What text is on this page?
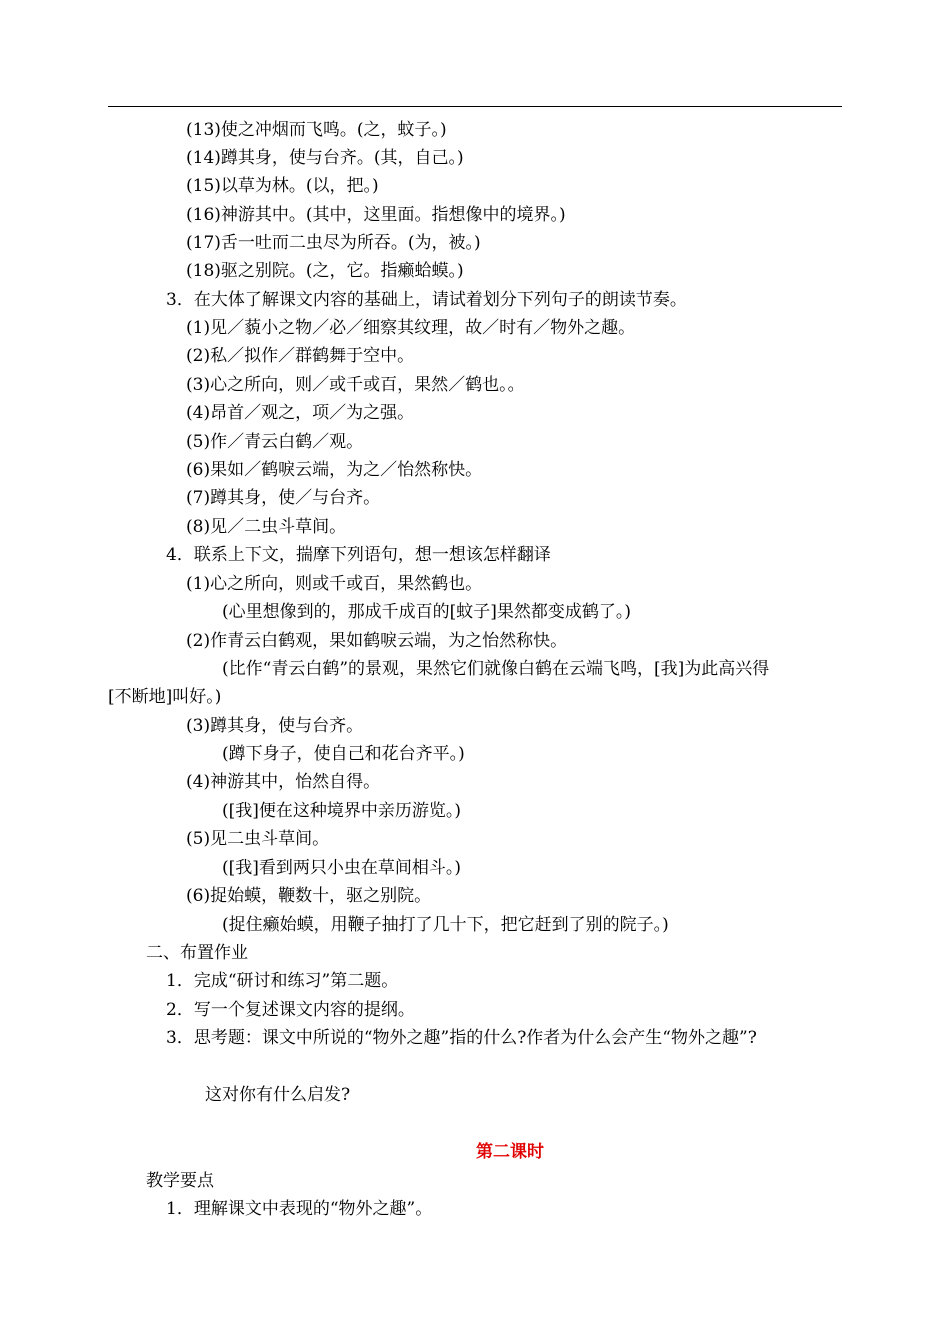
(13)使之冲烟而飞鸣。(之，蚊子。)
(14)蹲其身，使与台齐。(其，自己。)
(15)以草为林。(以，把。)
(16)神游其中。(其中，这里面。指想像中的境界。)
(17)舌一吐而二虫尽为所吞。(为，被。)
(18)驱之别院。(之，它。指癞蛤蟆。)
3．在大体了解课文内容的基础上，请试着划分下列句子的朗读节奏。
(1)见／藐小之物／必／细察其纹理，故／时有／物外之趣。
(2)私／拟作／群鹤舞于空中。
(3)心之所向，则／或千或百，果然／鹤也。。
(4)昂首／观之，项／为之强。
(5)作／青云白鹤／观。
(6)果如／鹤唳云端，为之／怡然称快。
(7)蹲其身，使／与台齐。
(8)见／二虫斗草间。
4．联系上下文，揣摩下列语句，想一想该怎样翻译
(1)心之所向，则或千或百，果然鹤也。
(心里想像到的，那成千成百的[蚊子]果然都变成鹤了。)
(2)作青云白鹤观，果如鹤唳云端，为之怡然称快。
(比作“青云白鹤”的景观，果然它们就像白鹤在云端飞鸣，[我]为此高兴得
[不断地]叫好。)
(3)蹲其身，使与台齐。
(蹲下身子，使自己和花台齐平。)
(4)神游其中，怡然自得。
([我]便在这种境界中亲历游览。)
(5)见二虫斗草间。
([我]看到两只小虫在草间相斗。)
(6)捉始蟆，鞭数十，驱之别院。
(捉住癞始蟆，用鞭子抽打了几十下，把它赶到了别的院子。)
二、布置作业
1．完成“研讨和练习”第二题。
2．写一个复述课文内容的提纲。
3．思考题：课文中所说的“物外之趣”指的什么?作者为什么会产生“物外之趣”?
这对你有什么启发?
第二课时
教学要点
1．理解课文中表现的“物外之趣”。
